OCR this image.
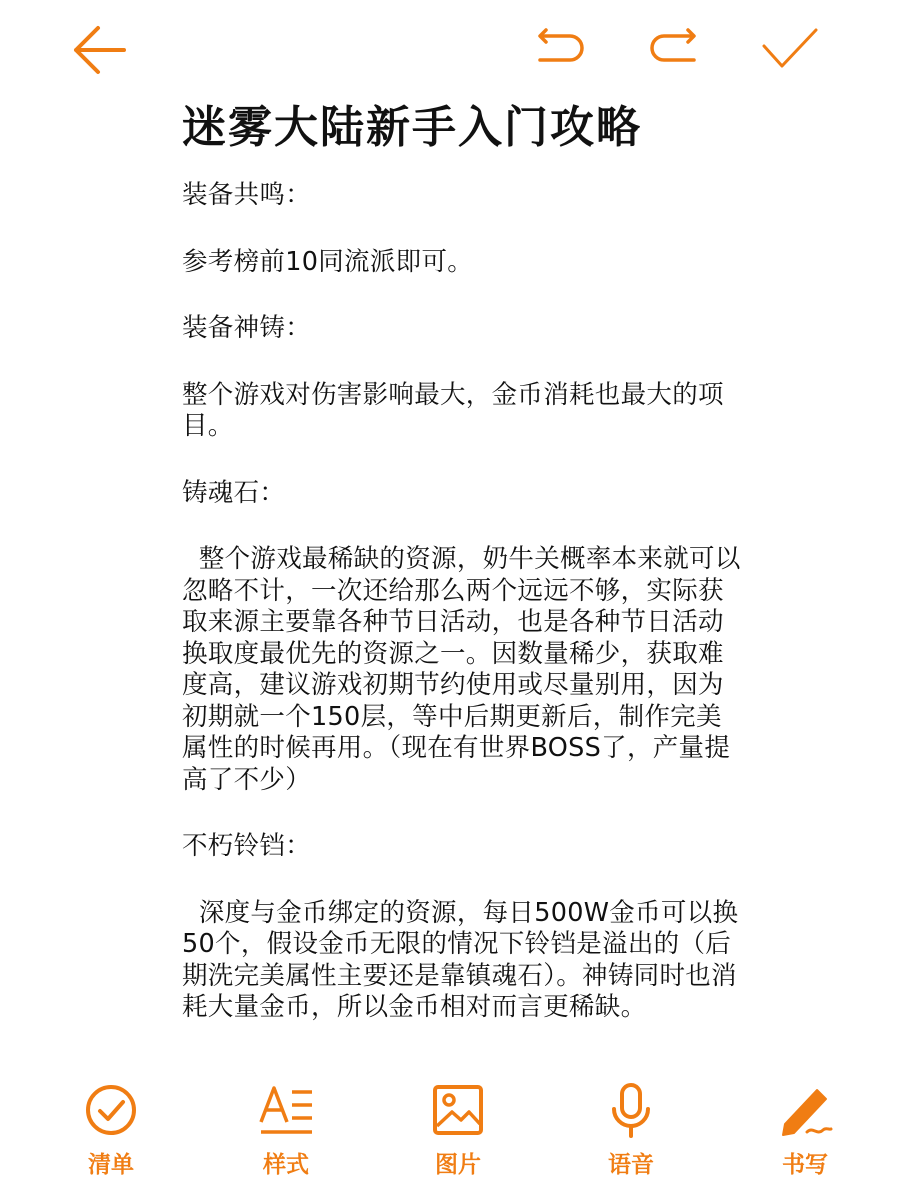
迷雾大陆新手入门攻略

装备共鸣：

参考榜前10同流派即可。

装备神铸：

整个游戏对伤害影响最大，金币消耗也最大的项目。

铸魂石：

整个游戏最稀缺的资源，奶牛关概率本来就可以忽略不计，一次还给那么两个远远不够，实际获取来源主要靠各种节日活动，也是各种节日活动换取度最优先的资源之一。因数量稀少，获取难度高，建议游戏初期节约使用或尽量别用，因为初期就一个150层，等中后期更新后，制作完美属性的时候再用。（现在有世界BOSS了，产量提高了不少）

不朽铃铛：

深度与金币绑定的资源，每日500W金币可以换50个，假设金币无限的情况下铃铛是溢出的（后期洗完美属性主要还是靠镇魂石）。神铸同时也消耗大量金币，所以金币相对而言更稀缺。

清单	样式	图片	语音	书写
